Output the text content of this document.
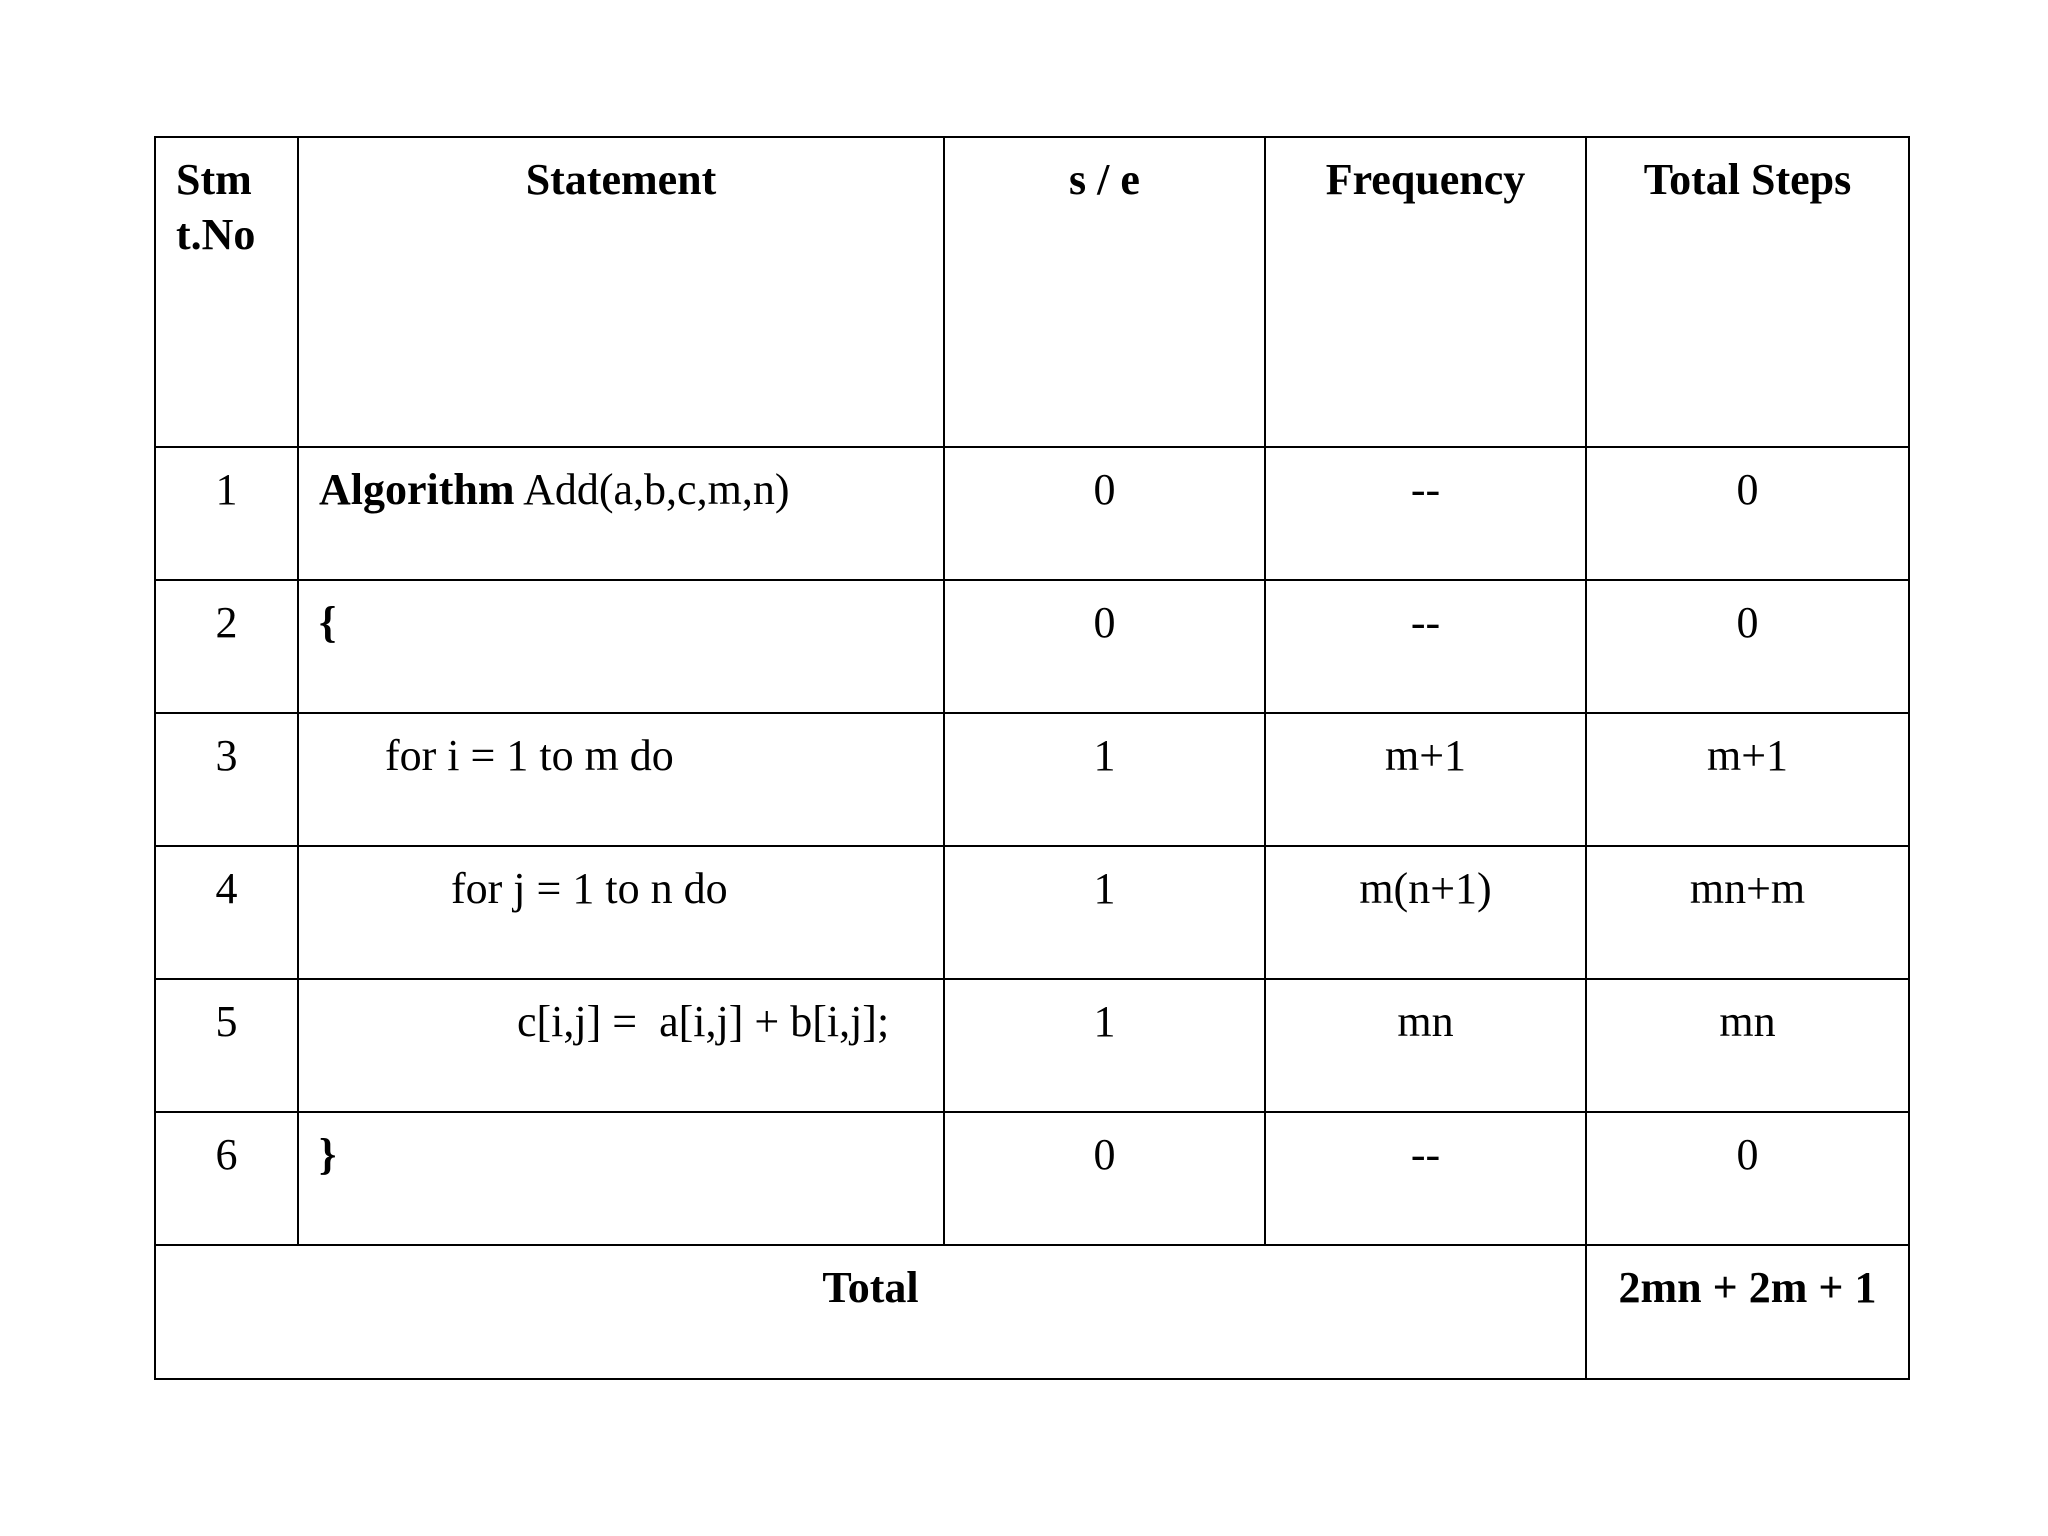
Stmt.No	Statement	s / e	Frequency	Total Steps
1	Algorithm Add(a,b,c,m,n)	0	--	0
2	{	0	--	0
3	for i = 1 to m do	1	m+1	m+1
4	for j = 1 to n do	1	m(n+1)	mn+m
5	c[i,j] =  a[i,j] + b[i,j];	1	mn	mn
6	}	0	--	0
Total				2mn + 2m + 1
